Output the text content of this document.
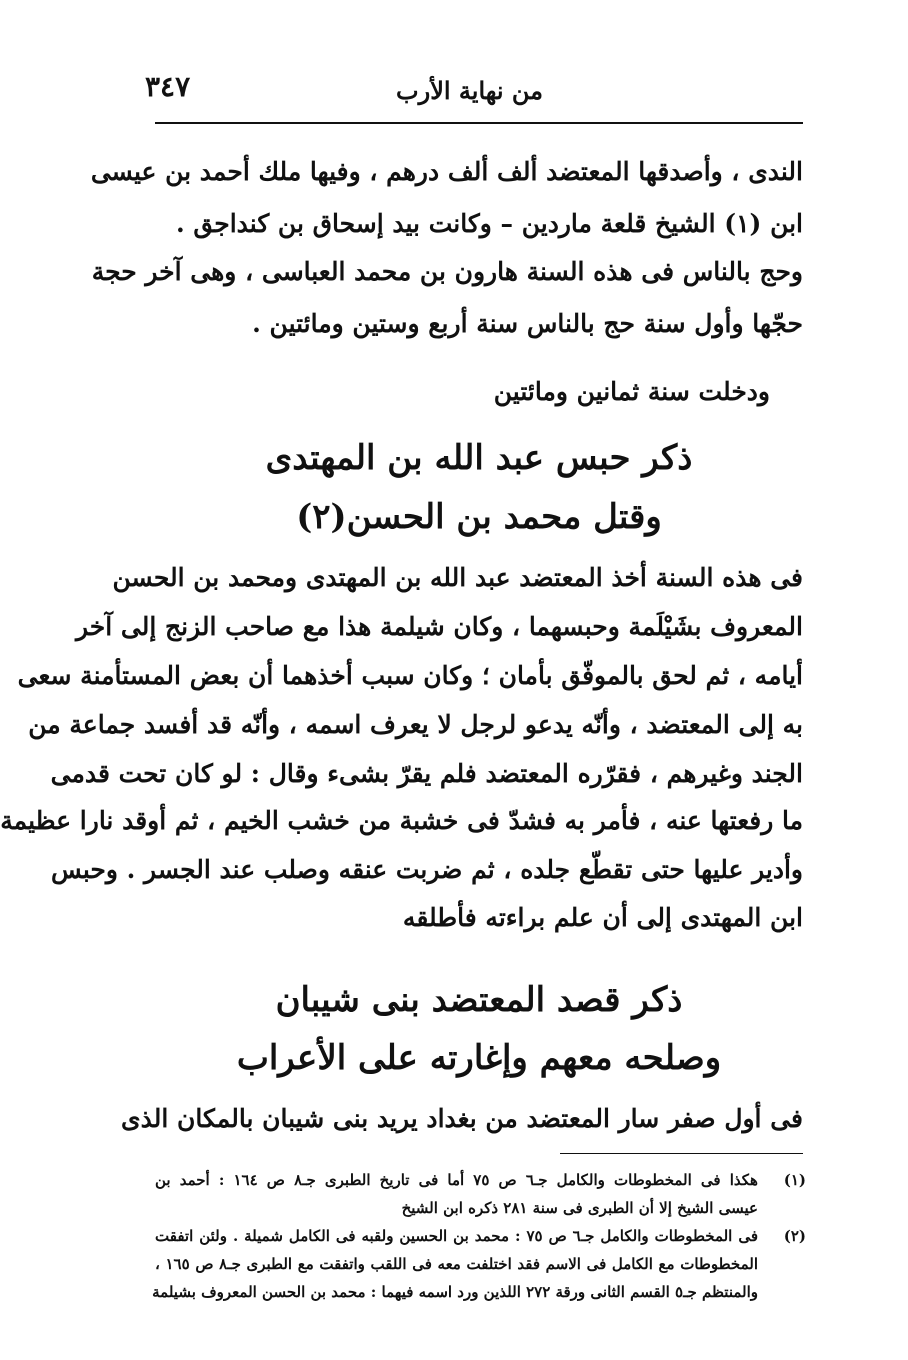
٣٤٧	من نهاية الأرب
الندى ، وأصدقها المعتضد ألف ألف درهم ، وفيها ملك أحمد بن عيسى
ابن (١) الشيخ قلعة ماردين – وكانت بيد إسحاق بن كنداجق .
وحج بالناس فى هذه السنة هارون بن محمد العباسى ، وهى آخر حجة
حجّها وأول سنة حج بالناس سنة أربع وستين ومائتين .
ودخلت سنة ثمانين ومائتين
ذكر حبس عبد الله بن المهتدى
وقتل محمد بن الحسن(٢)
فى هذه السنة أخذ المعتضد عبد الله بن المهتدى ومحمد بن الحسن
المعروف بشَيْلَمة وحبسهما ، وكان شيلمة هذا مع صاحب الزنج إلى آخر
أيامه ، ثم لحق بالموفّق بأمان ؛ وكان سبب أخذهما أن بعض المستأمنة سعى
به إلى المعتضد ، وأنّه يدعو لرجل لا يعرف اسمه ، وأنّه قد أفسد جماعة من
الجند وغيرهم ، فقرّره المعتضد فلم يقرّ بشىء وقال : لو كان تحت قدمى
ما رفعتها عنه ، فأمر به فشدّ فى خشبة من خشب الخيم ، ثم أوقد نارا عظيمة
وأدير عليها حتى تقطّع جلده ، ثم ضربت عنقه وصلب عند الجسر . وحبس
ابن المهتدى إلى أن علم براءته فأطلقه
ذكر قصد المعتضد بنى شيبان
وصلحه معهم وإغارته على الأعراب
فى أول صفر سار المعتضد من بغداد يريد بنى شيبان بالمكان الذى
(١)
هكذا فى المخطوطات والكامل جـ٦ ص ٧٥ أما فى تاريخ الطبرى جـ٨ ص ١٦٤ : أحمد بن
عيسى الشيخ إلا أن الطبرى فى سنة ٢٨١ ذكره ابن الشيخ
(٢)
فى المخطوطات والكامل جـ٦ ص ٧٥ : محمد بن الحسين ولقبه فى الكامل شميلة . ولئن اتفقت
المخطوطات مع الكامل فى الاسم فقد اختلفت معه فى اللقب واتفقت مع الطبرى جـ٨ ص ١٦٥ ،
والمنتظم جـ٥ القسم الثانى ورقة ٢٧٢ اللذين ورد اسمه فيهما : محمد بن الحسن المعروف بشيلمة
